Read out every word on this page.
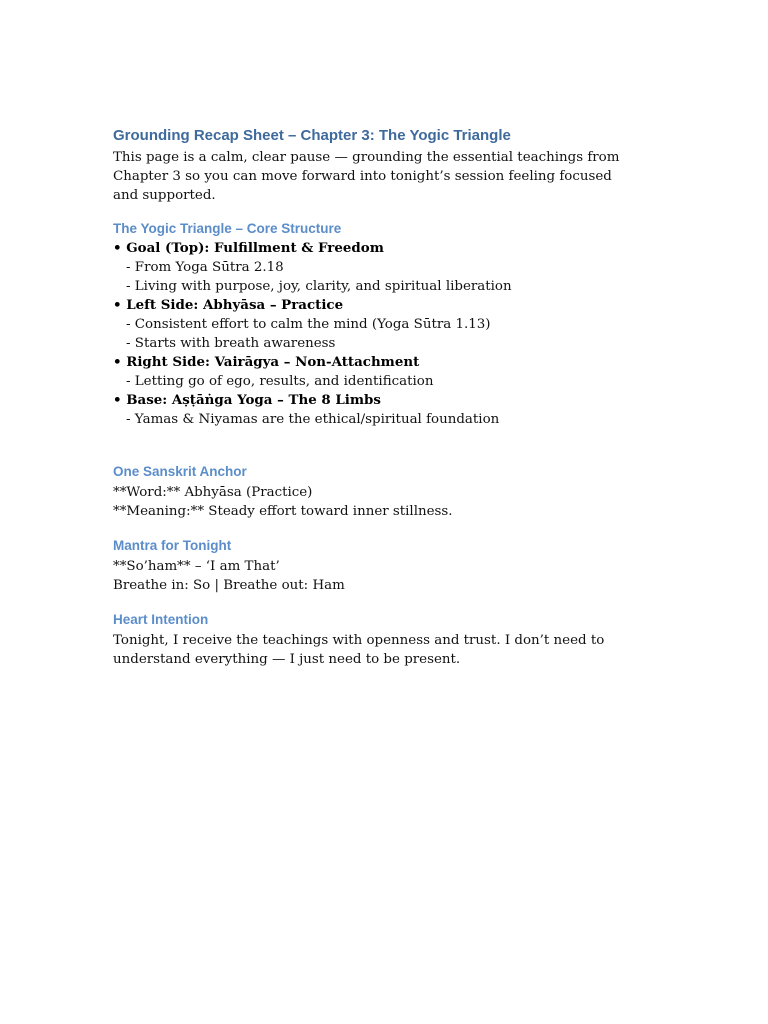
Grounding Recap Sheet – Chapter 3: The Yogic Triangle

This page is a calm, clear pause — grounding the essential teachings from

Chapter 3 so you can move forward into tonight’s session feeling focused

and supported.

The Yogic Triangle – Core Structure

• Goal (Top): Fulfillment & Freedom

- From Yoga Sūtra 2.18

- Living with purpose, joy, clarity, and spiritual liberation

• Left Side: Abhyāsa – Practice

- Consistent effort to calm the mind (Yoga Sūtra 1.13)

- Starts with breath awareness

• Right Side: Vairāgya – Non-Attachment

- Letting go of ego, results, and identification

• Base: Aṣṭāṅga Yoga – The 8 Limbs

- Yamas & Niyamas are the ethical/spiritual foundation

One Sanskrit Anchor

**Word:** Abhyāsa (Practice)

**Meaning:** Steady effort toward inner stillness.

Mantra for Tonight

**So’ham** – ‘I am That’

Breathe in: So | Breathe out: Ham

Heart Intention

Tonight, I receive the teachings with openness and trust. I don’t need to

understand everything — I just need to be present.
